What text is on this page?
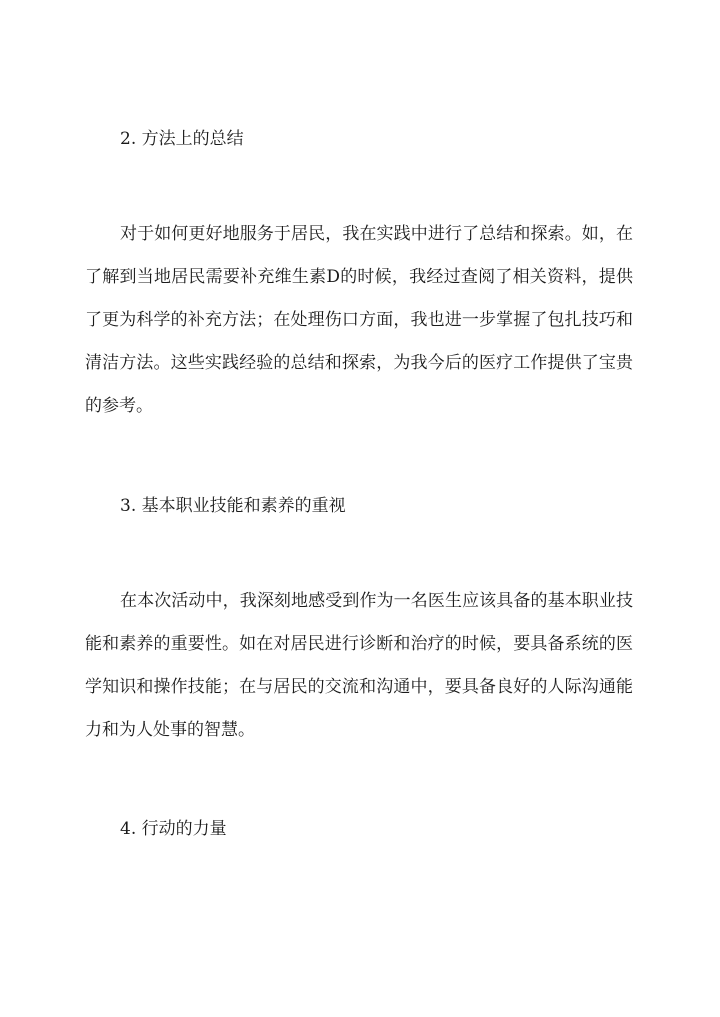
2. 方法上的总结

对于如何更好地服务于居民，我在实践中进行了总结和探索。如，在了解到当地居民需要补充维生素D的时候，我经过查阅了相关资料，提供了更为科学的补充方法；在处理伤口方面，我也进一步掌握了包扎技巧和清洁方法。这些实践经验的总结和探索，为我今后的医疗工作提供了宝贵的参考。

3. 基本职业技能和素养的重视

在本次活动中，我深刻地感受到作为一名医生应该具备的基本职业技能和素养的重要性。如在对居民进行诊断和治疗的时候，要具备系统的医学知识和操作技能；在与居民的交流和沟通中，要具备良好的人际沟通能力和为人处事的智慧。

4. 行动的力量
